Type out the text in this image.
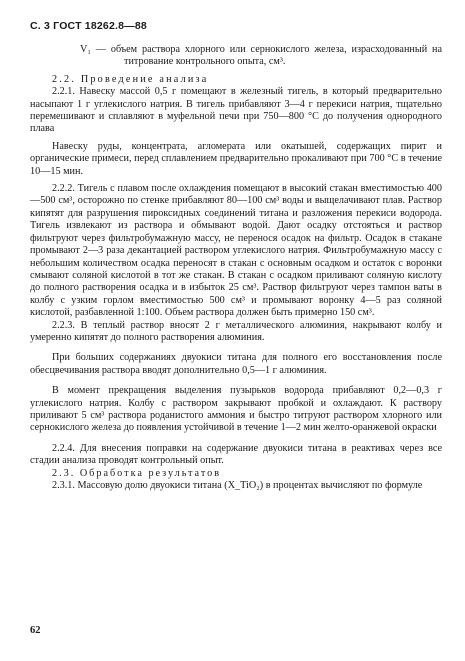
С. 3 ГОСТ 18262.8—88

V₁ — объем раствора хлорного или сернокислого железа, израсходованный на титрование контрольного опыта, см³.

2.2. Проведение анализа

2.2.1. Навеску массой 0,5 г помещают в железный тигель, в который предварительно насыпают 1 г углекислого натрия. В тигель прибавляют 3—4 г перекиси натрия, тщательно перемешивают и сплавляют в муфельной печи при 750—800 °С до получения однородного плава

Навеску руды, концентрата, агломерата или окатышей, содержащих пирит и органические примеси, перед сплавлением предварительно прокаливают при 700 °С в течение 10—15 мин.

2.2.2. Тигель с плавом после охлаждения помещают в высокий стакан вместимостью 400—500 см³, осторожно по стенке прибавляют 80—100 см³ воды и выщелачивают плав. Раствор кипятят для разрушения пироксидных соединений титана и разложения перекиси водорода. Тигель извлекают из раствора и обмывают водой. Дают осадку отстояться и раствор фильтруют через фильтробумажную массу, не перенося осадок на фильтр. Осадок в стакане промывают 2—3 раза декантацией раствором углекислого натрия. Фильтробумажную массу с небольшим количеством осадка переносят в стакан с основным осадком и остаток с воронки смывают соляной кислотой в тот же стакан. В стакан с осадком приливают соляную кислоту до полного растворения осадка и в избыток 25 см³. Раствор фильтруют через тампон ваты в колбу с узким горлом вместимостью 500 см³ и промывают воронку 4—5 раз соляной кислотой, разбавленной 1:100. Объем раствора должен быть примерно 150 см³.

2.2.3. В теплый раствор вносят 2 г металлического алюминия, накрывают колбу и умеренно кипятят до полного растворения алюминия.

При больших содержаниях двуокиси титана для полного его восстановления после обесцвечивания раствора вводят дополнительно 0,5—1 г алюминия.

В момент прекращения выделения пузырьков водорода прибавляют 0,2—0,3 г углекислого натрия. Колбу с раствором закрывают пробкой и охлаждают. К раствору приливают 5 см³ раствора роданистого аммония и быстро титруют раствором хлорного или сернокислого железа до появления устойчивой в течение 1—2 мин желто-оранжевой окраски

2.2.4. Для внесения поправки на содержание двуокиси титана в реактивах через все стадии анализа проводят контрольный опыт.

2.3. Обработка результатов

2.3.1. Массовую долю двуокиси титана (X_TiO₂) в процентах вычисляют по формуле

62
